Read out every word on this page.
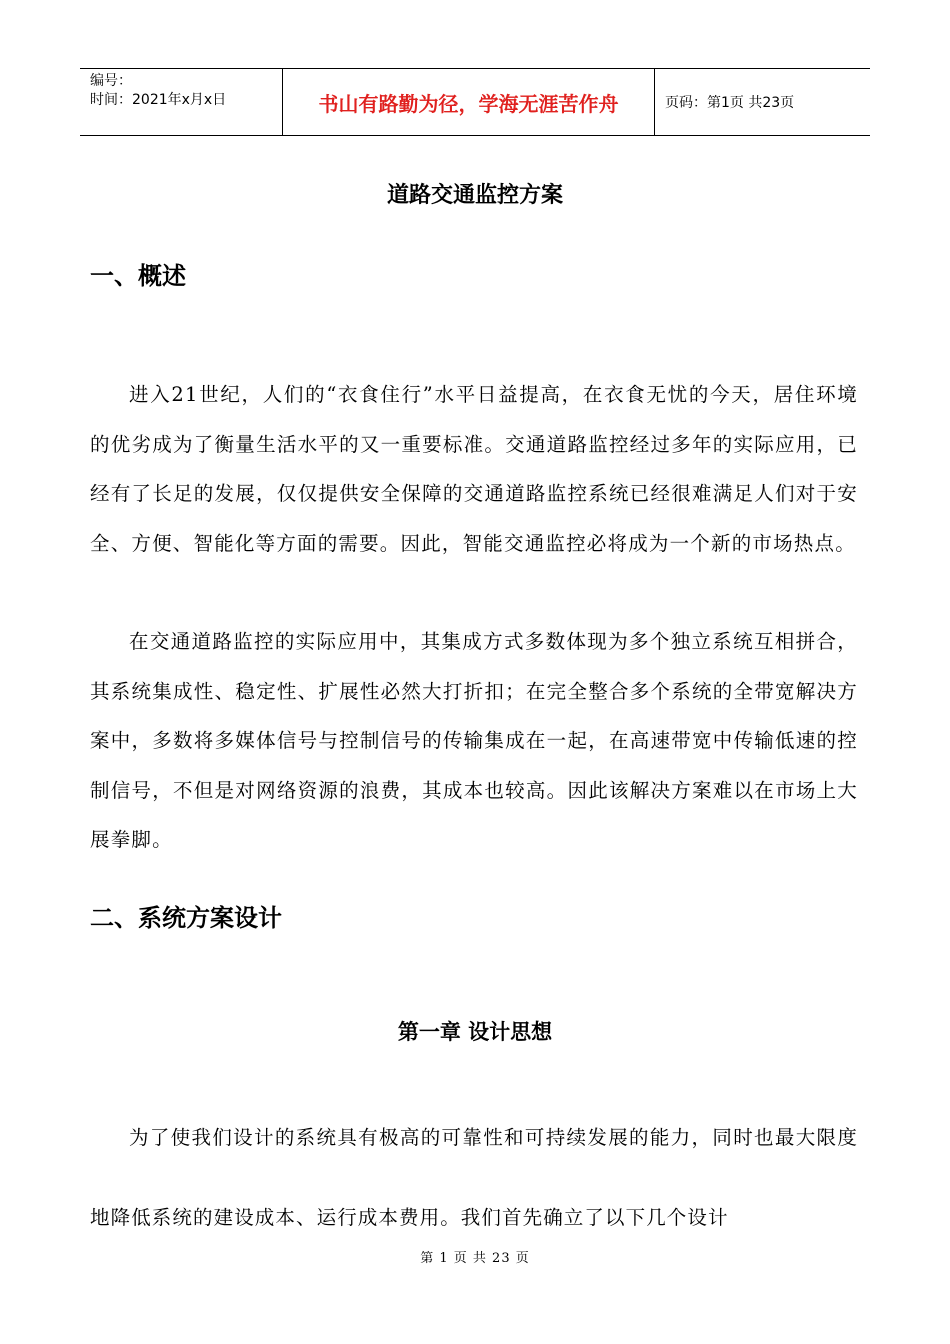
编号：
时间：2021年x月x日	书山有路勤为径，学海无涯苦作舟	页码：第1页 共23页
道路交通监控方案
一、概述

进入21世纪，人们的“衣食住行”水平日益提高，在衣食无忧的今天，居住环境的优劣成为了衡量生活水平的又一重要标准。交通道路监控经过多年的实际应用，已经有了长足的发展，仅仅提供安全保障的交通道路监控系统已经很难满足人们对于安全、方便、智能化等方面的需要。因此，智能交通监控必将成为一个新的市场热点。

在交通道路监控的实际应用中，其集成方式多数体现为多个独立系统互相拼合，其系统集成性、稳定性、扩展性必然大打折扣；在完全整合多个系统的全带宽解决方案中，多数将多媒体信号与控制信号的传输集成在一起，在高速带宽中传输低速的控制信号，不但是对网络资源的浪费，其成本也较高。因此该解决方案难以在市场上大展拳脚。

二、系统方案设计
第一章 设计思想

为了使我们设计的系统具有极高的可靠性和可持续发展的能力，同时也最大限度地降低系统的建设成本、运行成本费用。我们首先确立了以下几个设计

第 1 页 共 23 页
